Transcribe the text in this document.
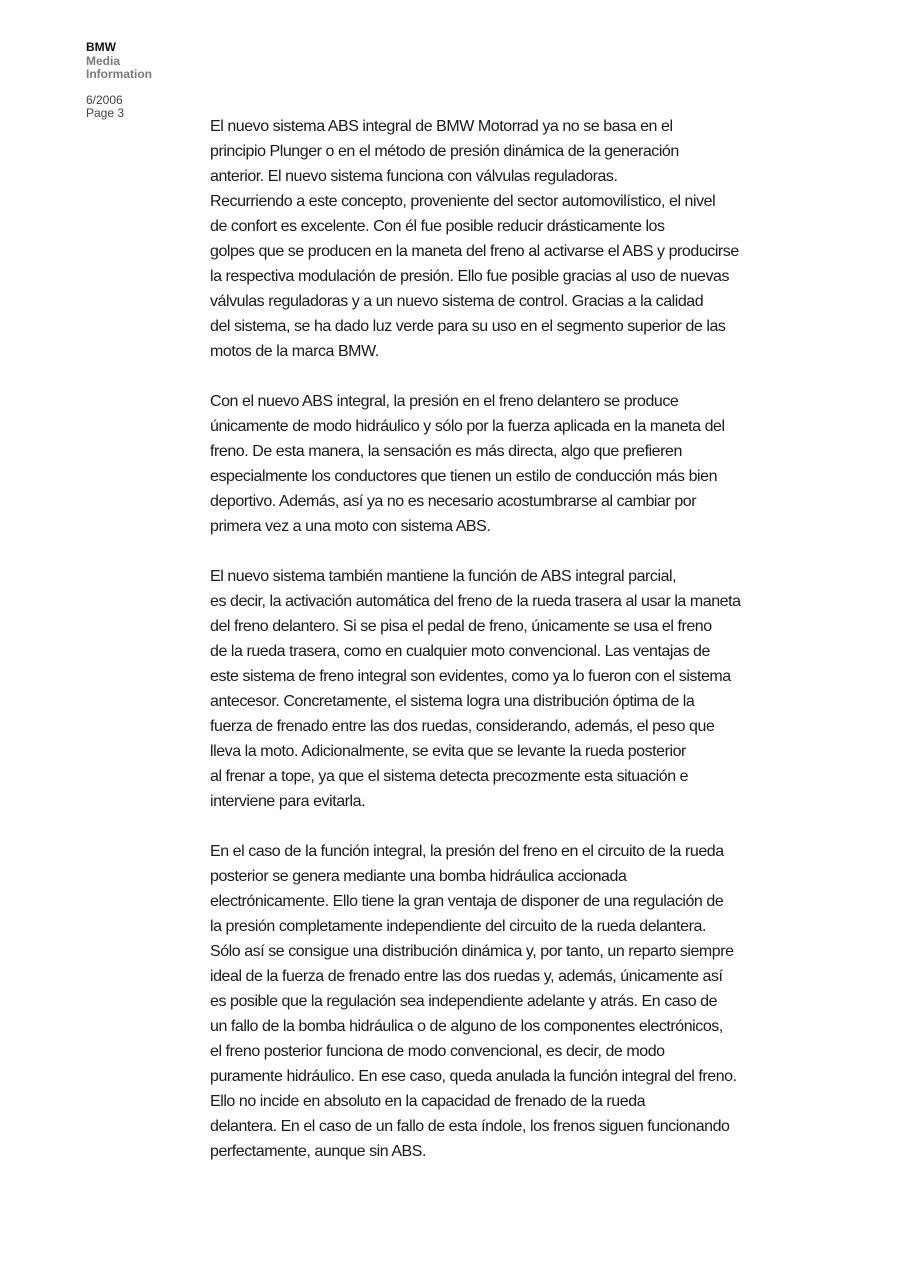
BMW
Media
Information
6/2006
Page 3
El nuevo sistema ABS integral de BMW Motorrad ya no se basa en el
principio Plunger o en el método de presión dinámica de la generación
anterior. El nuevo sistema funciona con válvulas reguladoras.
Recurriendo a este concepto, proveniente del sector automovilístico, el nivel
de confort es excelente. Con él fue posible reducir drásticamente los
golpes que se producen en la maneta del freno al activarse el ABS y producirse
la respectiva modulación de presión. Ello fue posible gracias al uso de nuevas
válvulas reguladoras y a un nuevo sistema de control. Gracias a la calidad
del sistema, se ha dado luz verde para su uso en el segmento superior de las
motos de la marca BMW.
Con el nuevo ABS integral, la presión en el freno delantero se produce
únicamente de modo hidráulico y sólo por la fuerza aplicada en la maneta del
freno. De esta manera, la sensación es más directa, algo que prefieren
especialmente los conductores que tienen un estilo de conducción más bien
deportivo. Además, así ya no es necesario acostumbrarse al cambiar por
primera vez a una moto con sistema ABS.
El nuevo sistema también mantiene la función de ABS integral parcial,
es decir, la activación automática del freno de la rueda trasera al usar la maneta
del freno delantero. Si se pisa el pedal de freno, únicamente se usa el freno
de la rueda trasera, como en cualquier moto convencional. Las ventajas de
este sistema de freno integral son evidentes, como ya lo fueron con el sistema
antecesor. Concretamente, el sistema logra una distribución óptima de la
fuerza de frenado entre las dos ruedas, considerando, además, el peso que
lleva la moto. Adicionalmente, se evita que se levante la rueda posterior
al frenar a tope, ya que el sistema detecta precozmente esta situación e
interviene para evitarla.
En el caso de la función integral, la presión del freno en el circuito de la rueda
posterior se genera mediante una bomba hidráulica accionada
electrónicamente. Ello tiene la gran ventaja de disponer de una regulación de
la presión completamente independiente del circuito de la rueda delantera.
Sólo así se consigue una distribución dinámica y, por tanto, un reparto siempre
ideal de la fuerza de frenado entre las dos ruedas y, además, únicamente así
es posible que la regulación sea independiente adelante y atrás. En caso de
un fallo de la bomba hidráulica o de alguno de los componentes electrónicos,
el freno posterior funciona de modo convencional, es decir, de modo
puramente hidráulico. En ese caso, queda anulada la función integral del freno.
Ello no incide en absoluto en la capacidad de frenado de la rueda
delantera. En el caso de un fallo de esta índole, los frenos siguen funcionando
perfectamente, aunque sin ABS.
